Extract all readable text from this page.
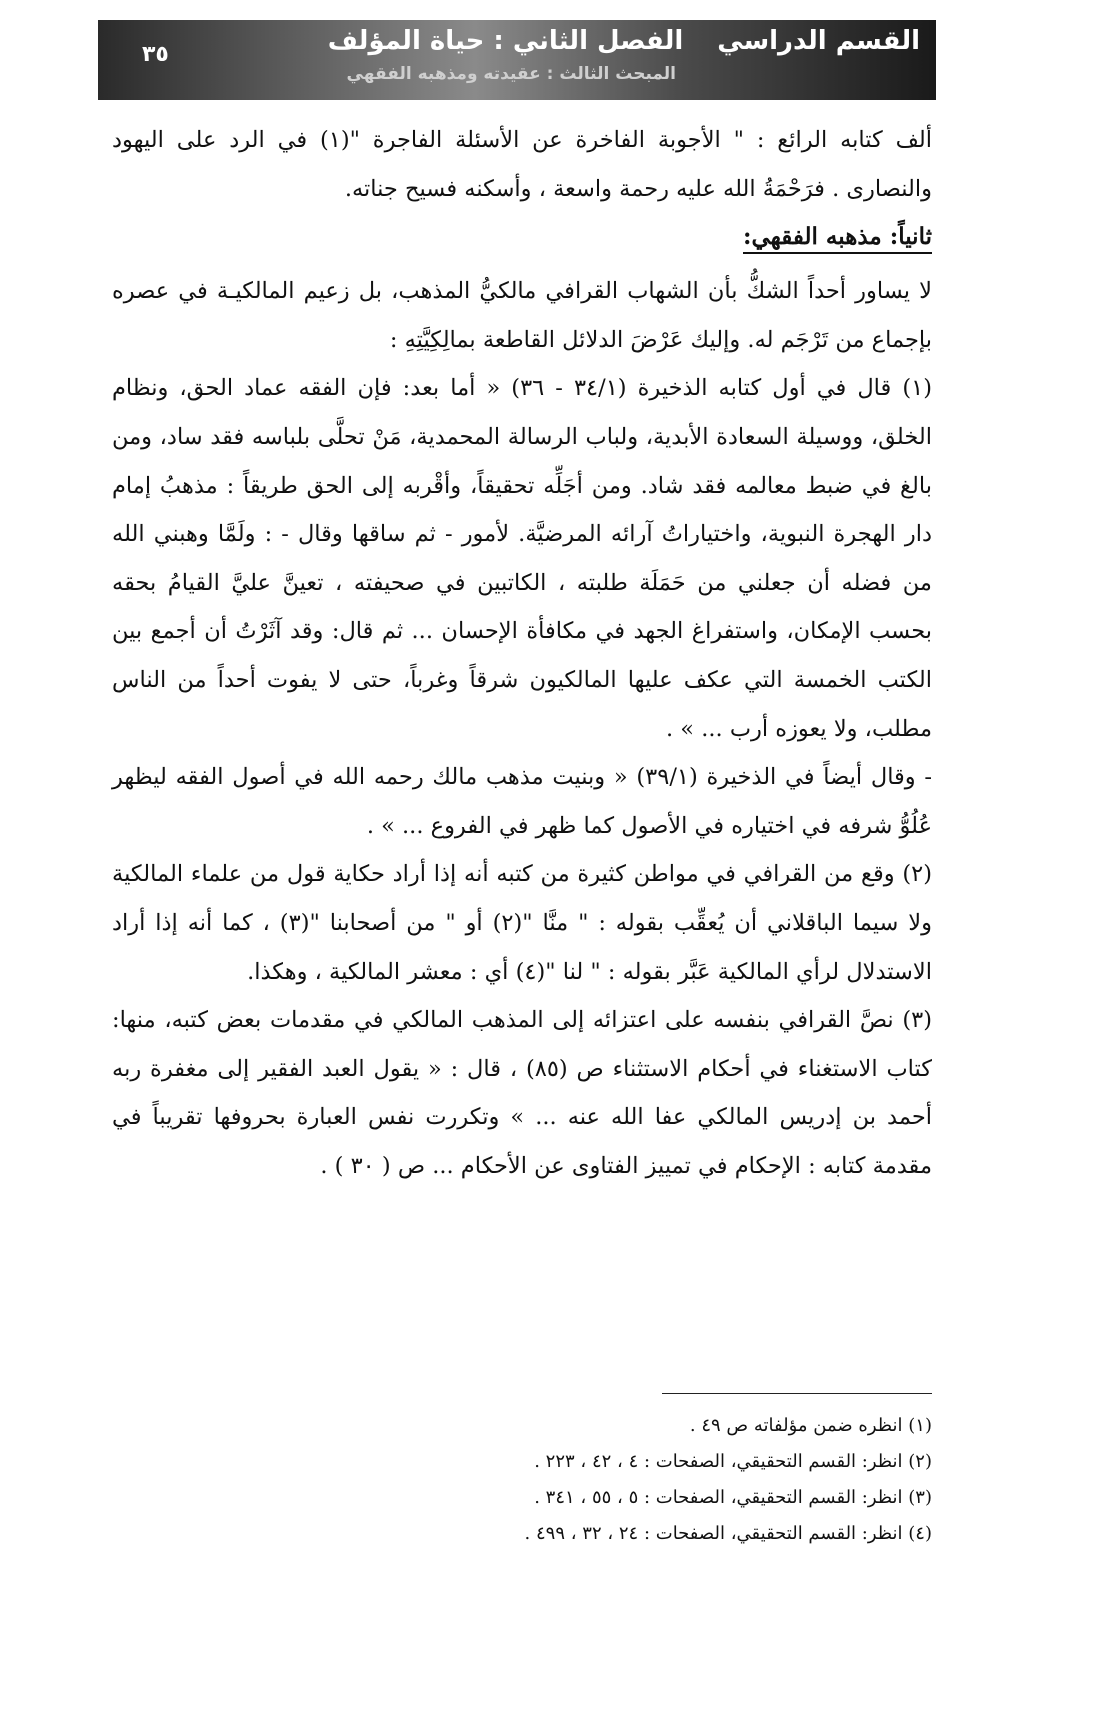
القسم الدراسي
الفصل الثاني : حياة المؤلف
المبحث الثالث : عقيدته ومذهبه الفقهي
٣٥

ألف كتابه الرائع : " الأجوبة الفاخرة عن الأسئلة الفاجرة "(١) في الرد على اليهود والنصارى . فرَحْمَةُ الله عليه رحمة واسعة ، وأسكنه فسيح جناته.

ثانياً: مذهبه الفقهي:

لا يساور أحداً الشكُّ بأن الشهاب القرافي مالكيُّ المذهب، بل زعيم المالكيـة في عصره بإجماع من تَرْجَم له. وإليك عَرْضَ الدلائل القاطعة بمالِكِيَّتِهِ :

(١) قال في أول كتابه الذخيرة (٣٤/١ - ٣٦) « أما بعد: فإن الفقه عماد الحق، ونظام الخلق، ووسيلة السعادة الأبدية، ولباب الرسالة المحمدية، مَنْ تحلَّى بلباسه فقد ساد، ومن بالغ في ضبط معالمه فقد شاد. ومن أجَلِّه تحقيقاً، وأقْربه إلى الحق طريقاً : مذهبُ إمام دار الهجرة النبوية، واختياراتُ آرائه المرضيَّة. لأمور - ثم ساقها وقال - : ولَمَّا وهبني الله من فضله أن جعلني من حَمَلَة طلبته ، الكاتبين في صحيفته ، تعينَّ عليَّ القيامُ بحقه بحسب الإمكان، واستفراغ الجهد في مكافأة الإحسان ... ثم قال: وقد آثَرْتُ أن أجمع بين الكتب الخمسة التي عكف عليها المالكيون شرقاً وغرباً، حتى لا يفوت أحداً من الناس مطلب، ولا يعوزه أرب ... » .

- وقال أيضاً في الذخيرة (٣٩/١) « وبنيت مذهب مالك رحمه الله في أصول الفقه ليظهر عُلُوُّ شرفه في اختياره في الأصول كما ظهر في الفروع ... » .

(٢) وقع من القرافي في مواطن كثيرة من كتبه أنه إذا أراد حكاية قول من علماء المالكية ولا سيما الباقلاني أن يُعقِّب بقوله : " منَّا "(٢) أو " من أصحابنا "(٣) ، كما أنه إذا أراد الاستدلال لرأي المالكية عَبَّر بقوله : " لنا "(٤) أي : معشر المالكية ، وهكذا.

(٣) نصَّ القرافي بنفسه على اعتزائه إلى المذهب المالكي في مقدمات بعض كتبه، منها: كتاب الاستغناء في أحكام الاستثناء ص (٨٥) ، قال : « يقول العبد الفقير إلى مغفرة ربه أحمد بن إدريس المالكي عفا الله عنه ... » وتكررت نفس العبارة بحروفها تقريباً في مقدمة كتابه : الإحكام في تمييز الفتاوى عن الأحكام ... ص ( ٣٠ ) .

(١) انظره ضمن مؤلفاته ص ٤٩ .
(٢) انظر: القسم التحقيقي، الصفحات : ٤ ، ٤٢ ، ٢٢٣ .
(٣) انظر: القسم التحقيقي، الصفحات : ٥ ، ٥٥ ، ٣٤١ .
(٤) انظر: القسم التحقيقي، الصفحات : ٢٤ ، ٣٢ ، ٤٩٩ .
